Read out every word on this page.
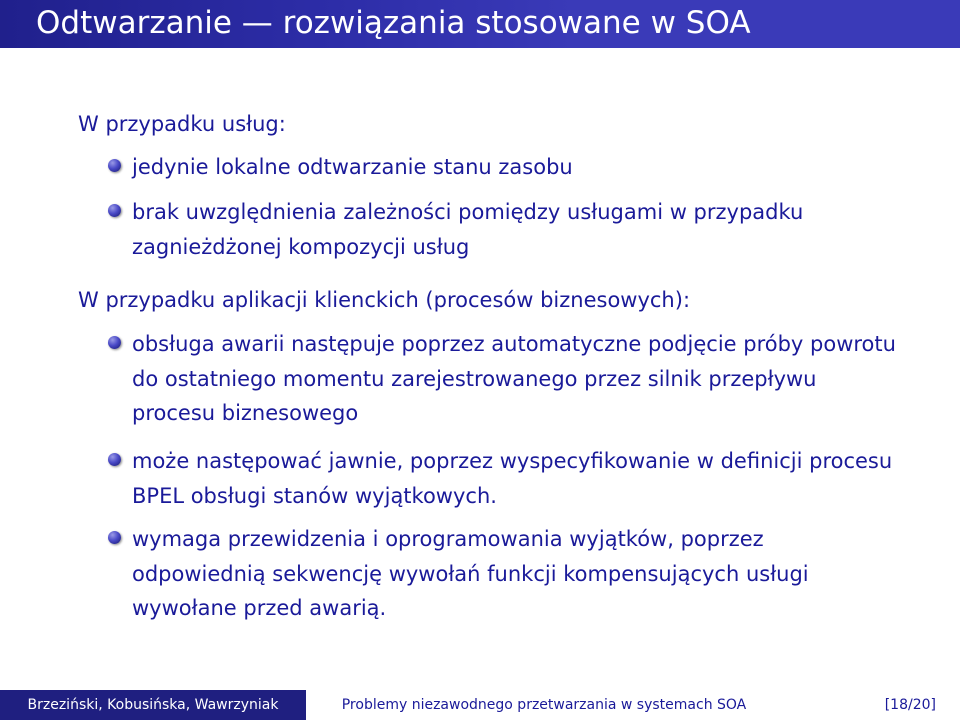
Odtwarzanie — rozwiązania stosowane w SOA
W przypadku usług:
jedynie lokalne odtwarzanie stanu zasobu
brak uwzględnienia zależności pomiędzy usługami w przypadku zagnieżdżonej kompozycji usług
W przypadku aplikacji klienckich (procesów biznesowych):
obsługa awarii następuje poprzez automatyczne podjęcie próby powrotu do ostatniego momentu zarejestrowanego przez silnik przepływu procesu biznesowego
może następować jawnie, poprzez wyspecyfikowanie w definicji procesu BPEL obsługi stanów wyjątkowych.
wymaga przewidzenia i oprogramowania wyjątków, poprzez odpowiednią sekwencję wywołań funkcji kompensujących usługi wywołane przed awarią.
Brzeziński, Kobusińska, Wawrzyniak	Problemy niezawodnego przetwarzania w systemach SOA	[18/20]
